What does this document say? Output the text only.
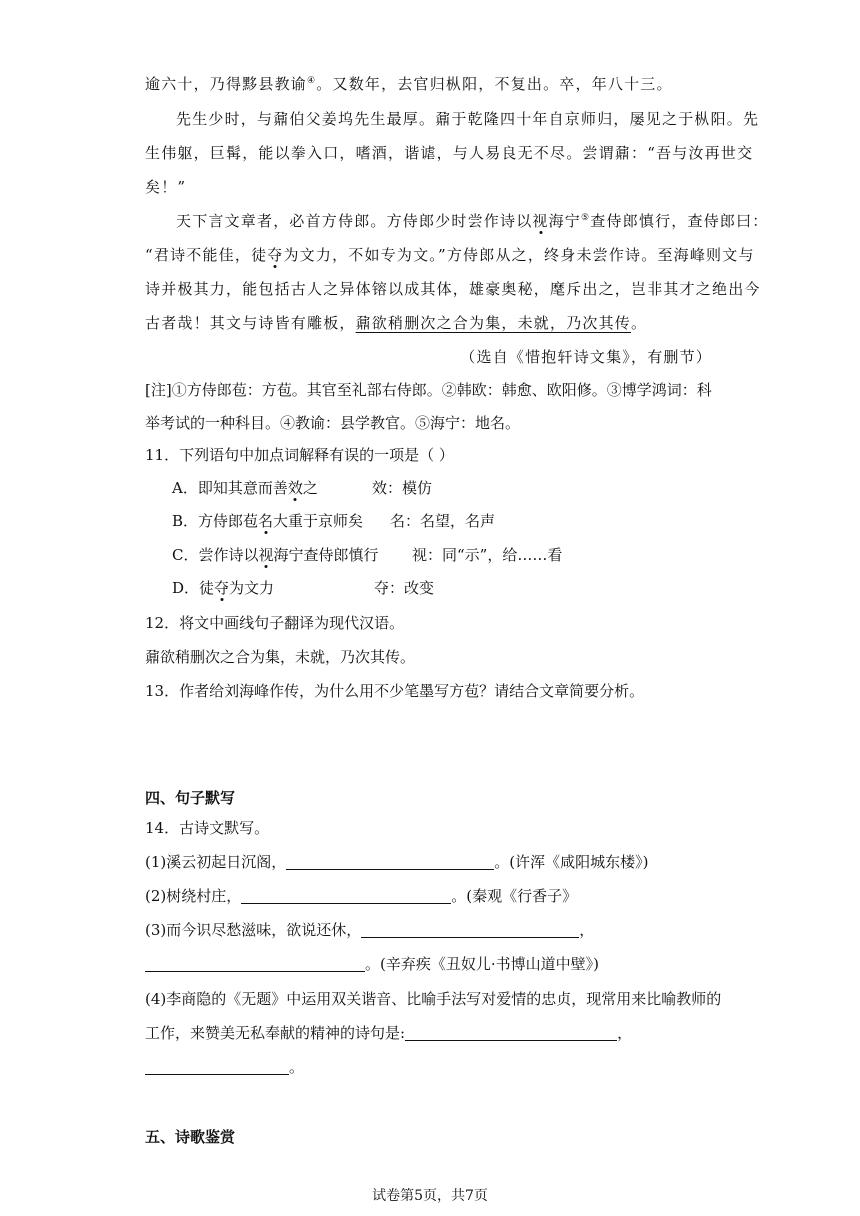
逾六十，乃得黟县教谕④。又数年，去官归枞阳，不复出。卒，年八十三。
先生少时，与鼐伯父姜坞先生最厚。鼐于乾隆四十年自京师归，屡见之于枞阳。先
生伟躯，巨髯，能以拳入口，嗜酒，谐谑，与人易良无不尽。尝谓鼐：“吾与汝再世交
矣！”
天下言文章者，必首方侍郎。方侍郎少时尝作诗以视海宁⑤查侍郎慎行，查侍郎曰：
“君诗不能佳，徒夺为文力，不如专为文。”方侍郎从之，终身未尝作诗。至海峰则文与
诗并极其力，能包括古人之异体镕以成其体，雄豪奥秘，麾斥出之，岂非其才之绝出今
古者哉！其文与诗皆有雕板，鼐欲稍删次之合为集，未就，乃次其传。
（选自《惜抱轩诗文集》，有删节）
[注]①方侍郎苞：方苞。其官至礼部右侍郎。②韩欧：韩愈、欧阳修。③博学鸿词：科
举考试的一种科目。④教谕：县学教官。⑤海宁：地名。
11．下列语句中加点词解释有误的一项是（ ）
A．即知其意而善效之	效：模仿
B．方侍郎苞名大重于京师矣 名：名望，名声
C．尝作诗以视海宁查侍郎慎行 视：同“示”，给……看
D．徒夺为文力	夺：改变
12．将文中画线句子翻译为现代汉语。
鼐欲稍删次之合为集，未就，乃次其传。
13．作者给刘海峰作传，为什么用不少笔墨写方苞？请结合文章简要分析。
四、句子默写
14．古诗文默写。
(1)溪云初起日沉阁，	。(许浑《咸阳城东楼》)
(2)树绕村庄，	。(秦观《行香子》
(3)而今识尽愁滋味，欲说还休，	，
。(辛弃疾《丑奴儿·书博山道中壁》)
(4)李商隐的《无题》中运用双关谐音、比喻手法写对爱情的忠贞，现常用来比喻教师的
工作，来赞美无私奉献的精神的诗句是:	，
。
五、诗歌鉴赏
试卷第5页，共7页
